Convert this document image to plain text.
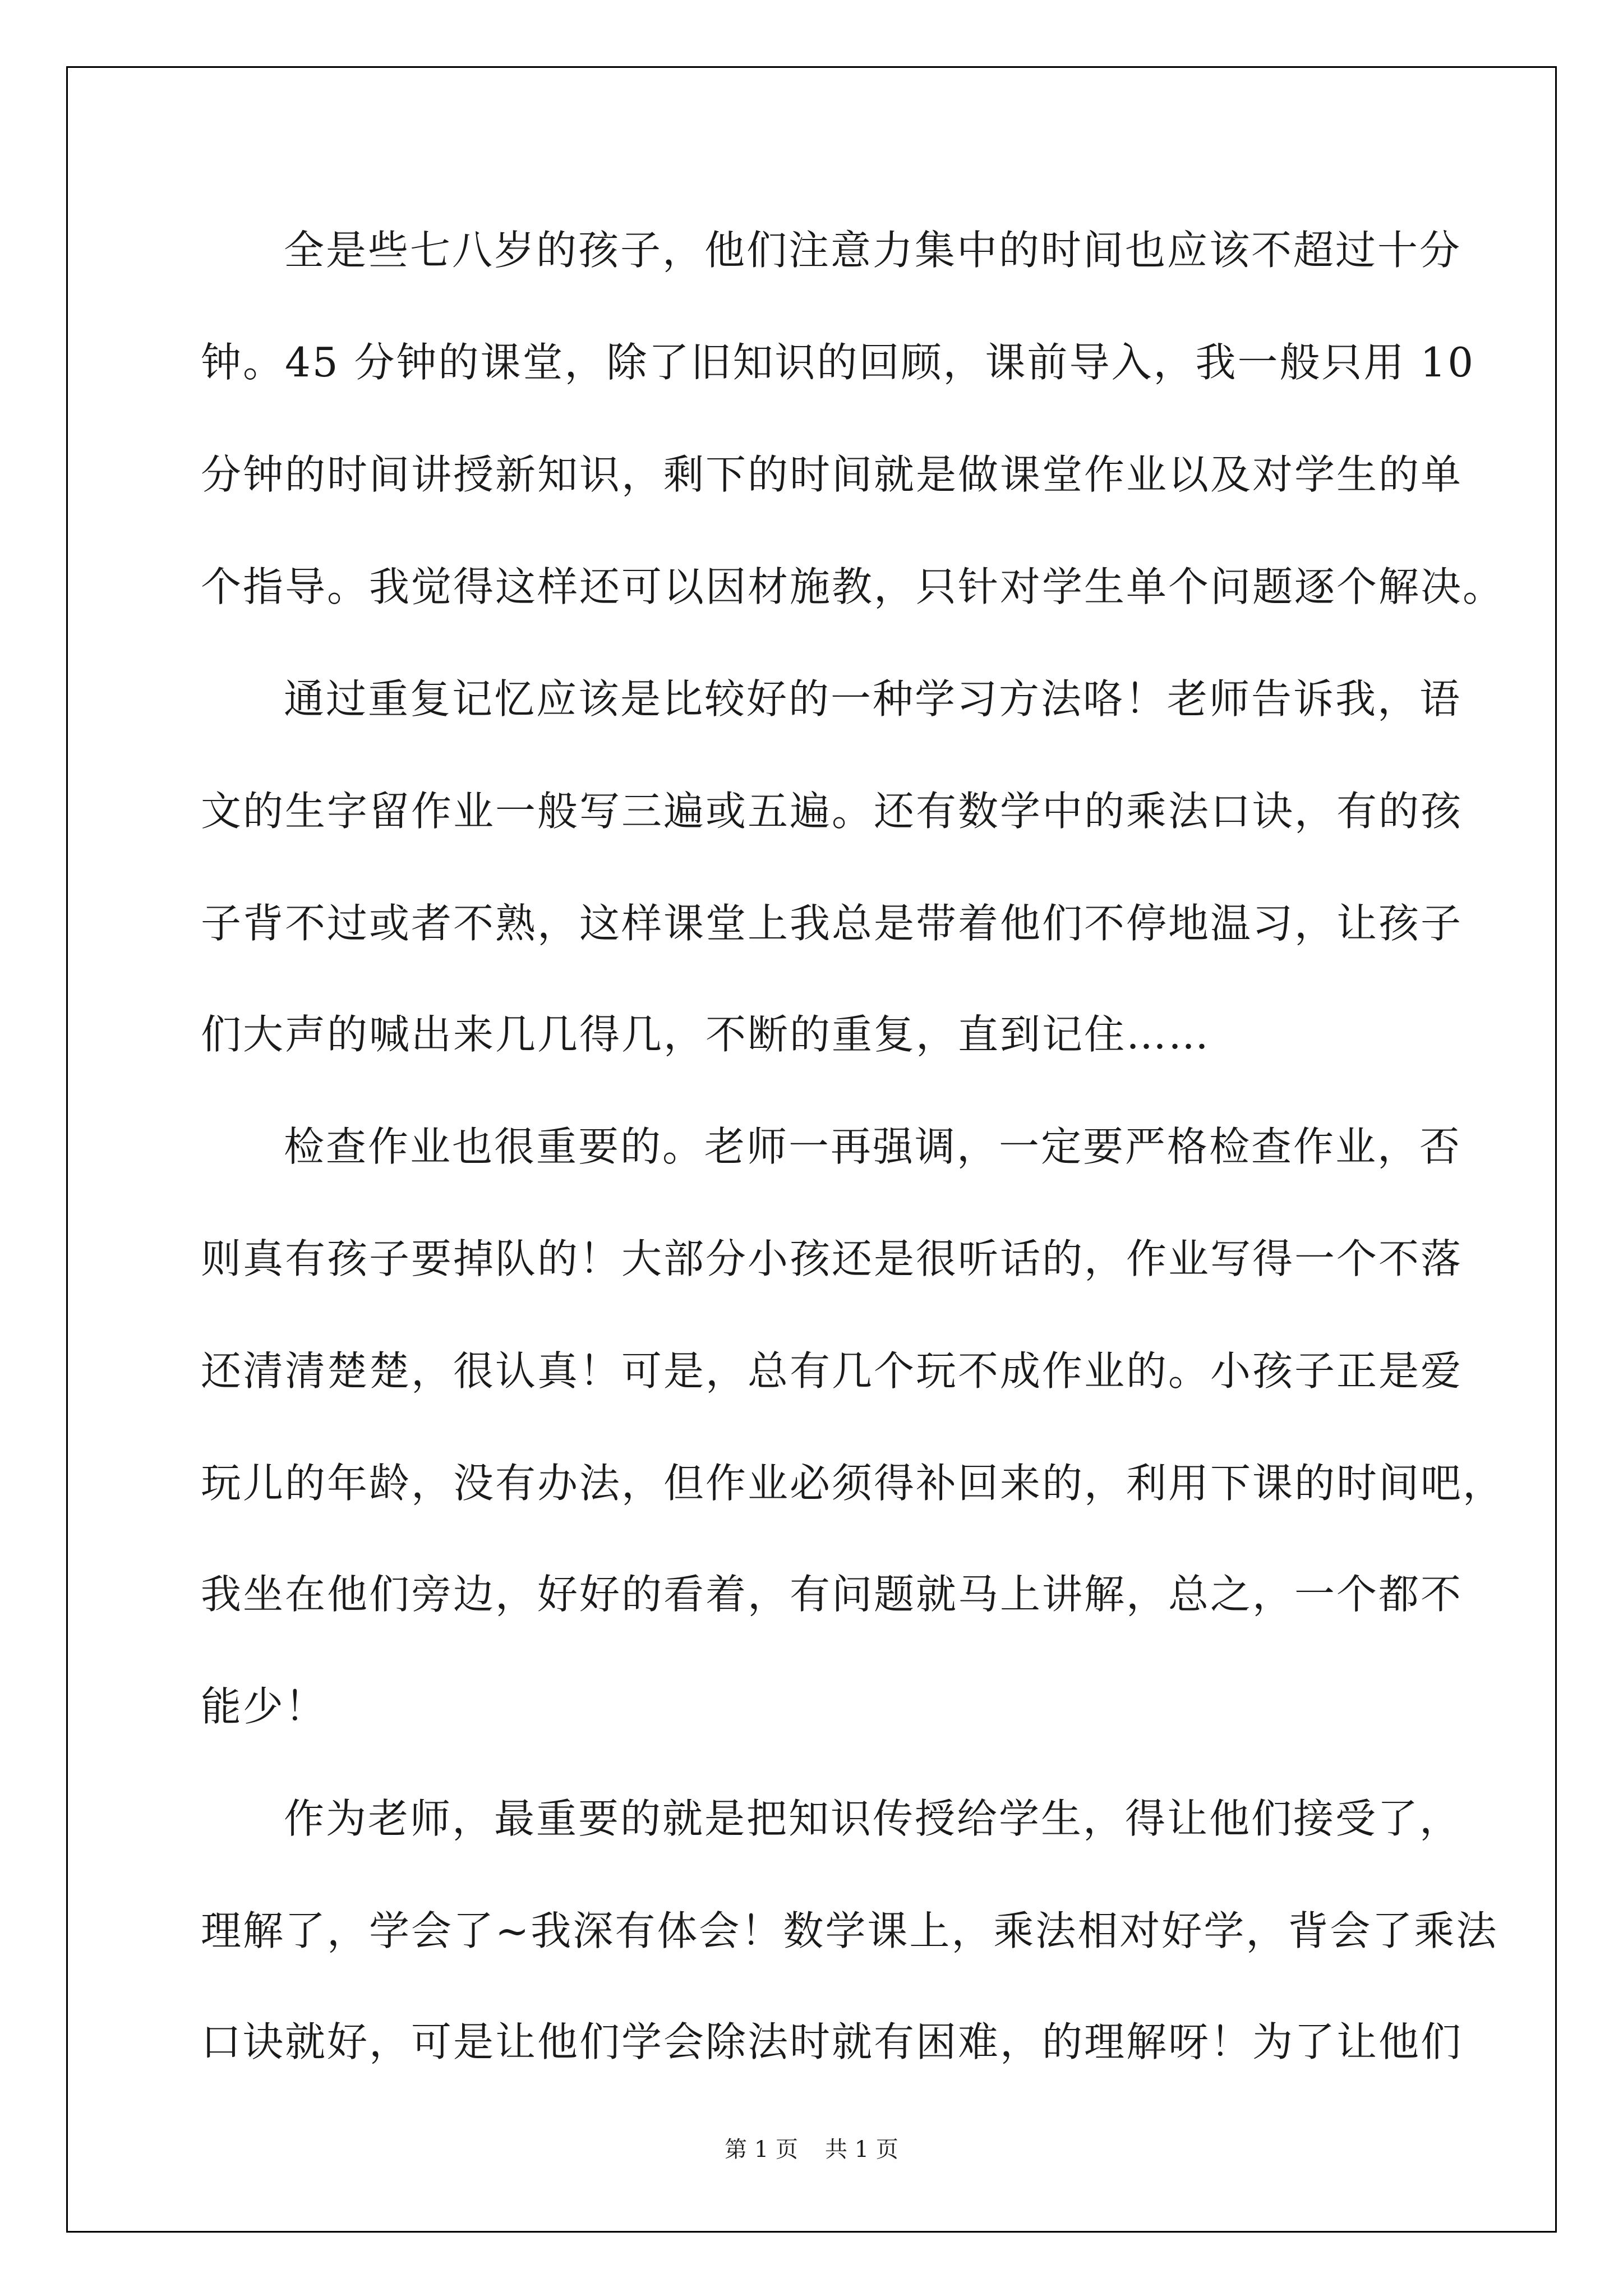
全是些七八岁的孩子，他们注意力集中的时间也应该不超过十分
钟。45 分钟的课堂，除了旧知识的回顾，课前导入，我一般只用 10
分钟的时间讲授新知识，剩下的时间就是做课堂作业以及对学生的单
个指导。我觉得这样还可以因材施教，只针对学生单个问题逐个解决。
通过重复记忆应该是比较好的一种学习方法咯！老师告诉我，语
文的生字留作业一般写三遍或五遍。还有数学中的乘法口诀，有的孩
子背不过或者不熟，这样课堂上我总是带着他们不停地温习，让孩子
们大声的喊出来几几得几，不断的重复，直到记住……
检查作业也很重要的。老师一再强调，一定要严格检查作业，否
则真有孩子要掉队的！大部分小孩还是很听话的，作业写得一个不落
还清清楚楚，很认真！可是，总有几个玩不成作业的。小孩子正是爱
玩儿的年龄，没有办法，但作业必须得补回来的，利用下课的时间吧，
我坐在他们旁边，好好的看着，有问题就马上讲解，总之，一个都不
能少！
作为老师，最重要的就是把知识传授给学生，得让他们接受了，
理解了，学会了~我深有体会！数学课上，乘法相对好学，背会了乘法
口诀就好，可是让他们学会除法时就有困难，的理解呀！为了让他们
第 1 页 共 1 页
